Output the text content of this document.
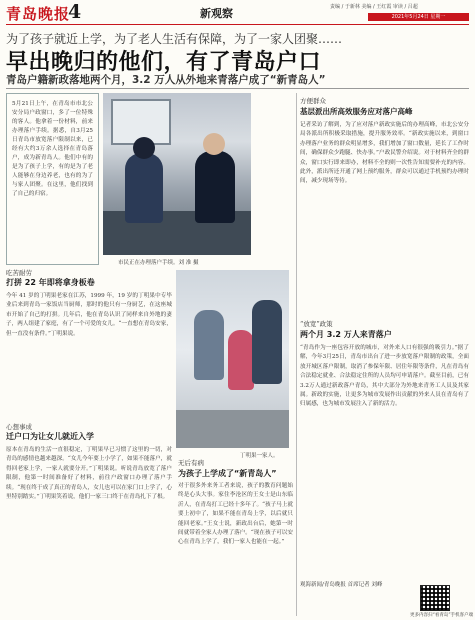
青岛晚报
4	新观察	责编 / 于新林 美编 / 王红霞 审读 / 吕超
2021年5月24日 星期一
为了孩子就近上学，为了老人生活有保障，为了一家人团聚……
早出晚归的他们，有了青岛户口
青岛户籍新政落地两个月，3.2 万人从外地来青落户成了“新青岛人”
5月21日上午，在青岛市市北公安分局户政窗口，多了一位特殊的客人。他拿着一份材料，前来办理落户手续。据悉，自3月25日青岛市放宽落户限制以来，已经有大约3万余人选择在青岛落户，成为新青岛人。他们中有的是为了孩子上学，有的是为了老人能够在身边养老，也有的为了与家人团聚。在这里，他们找到了自己的归宿。
市民正在办理落户手续。刘 准 摄
丁明果一家人。
吃苦耐劳
打拼 22 年即将拿身板卷
今年 41 岁的丁明果老家在江苏，1999 年，19 岁的丁明果中专毕业后来到青岛一家饭店当厨师，那时的他只有一身厨艺，在这座城市开始了自己的打拼。几年后，他在青岛认识了同样来自外地的妻子，两人组建了家庭，有了一个可爱的女儿。“一直想在青岛安家，但一直没有条件。”丁明果说。
心想事成
迁户口为让女儿就近入学
原本在青岛的生活一直很稳定，丁明果早已习惯了这里的一切，对青岛的感情也越来越深。“女儿今年要上小学了，如果不能落户，就得回老家上学，一家人就要分开。”丁明果说。听说青岛放宽了落户限制，他第一时间准备好了材料，前往户政窗口办理了落户手续。“现在终于成了真正的青岛人，女儿也可以在家门口上学了，心里特别踏实。”丁明果笑着说，他们一家三口终于在青岛扎下了根。
无后有病
为孩子上学成了“新青岛人”
对于很多外来务工者来说，孩子的教育问题始终是心头大事。家住李沧区的王女士是山东临沂人，在青岛打工已经十多年了。“孩子马上就要上初中了，如果不能在青岛上学，以后就只能回老家。”王女士说，新政出台后，她第一时间就带着全家人办理了落户。“现在孩子可以安心在青岛上学了，我们一家人也能在一起。”
方便群众
基层派出所高效服务应对落户高峰
记者采访了解到，为了应对落户新政实施后的办理高峰，市北公安分局各派出所积极采取措施，提升服务效率。“新政实施以来，到窗口办理落户业务的群众明显增多，我们增加了窗口数量，延长了工作时间，确保群众少跑腿、快办事。”户政民警介绍说。对于材料齐全的群众，窗口实行即来即办，材料不全的则一次性告知需要补充的内容。此外，派出所还开通了网上预约服务，群众可以通过手机预约办理时间，减少现场等待。
“放宽”政策
两个月 3.2 万人来青落户
“青岛作为一座包容开放的城市，对外来人口有很强的吸引力。”据了解，今年3月25日，青岛市出台了进一步放宽落户限制的政策，全面放开城区落户限制，取消了参保年限、居住年限等条件，凡在青岛有合法稳定就业、合法稳定住所的人员均可申请落户。截至目前，已有3.2万人通过新政落户青岛，其中大部分为外地来青务工人员及其家属。新政的实施，让更多为城市发展作出贡献的外来人员在青岛有了归属感，也为城市发展注入了新的活力。
观海新闻/青岛晚报 首席记者 刘峰
更多内容扫“看青岛”手机客户端
